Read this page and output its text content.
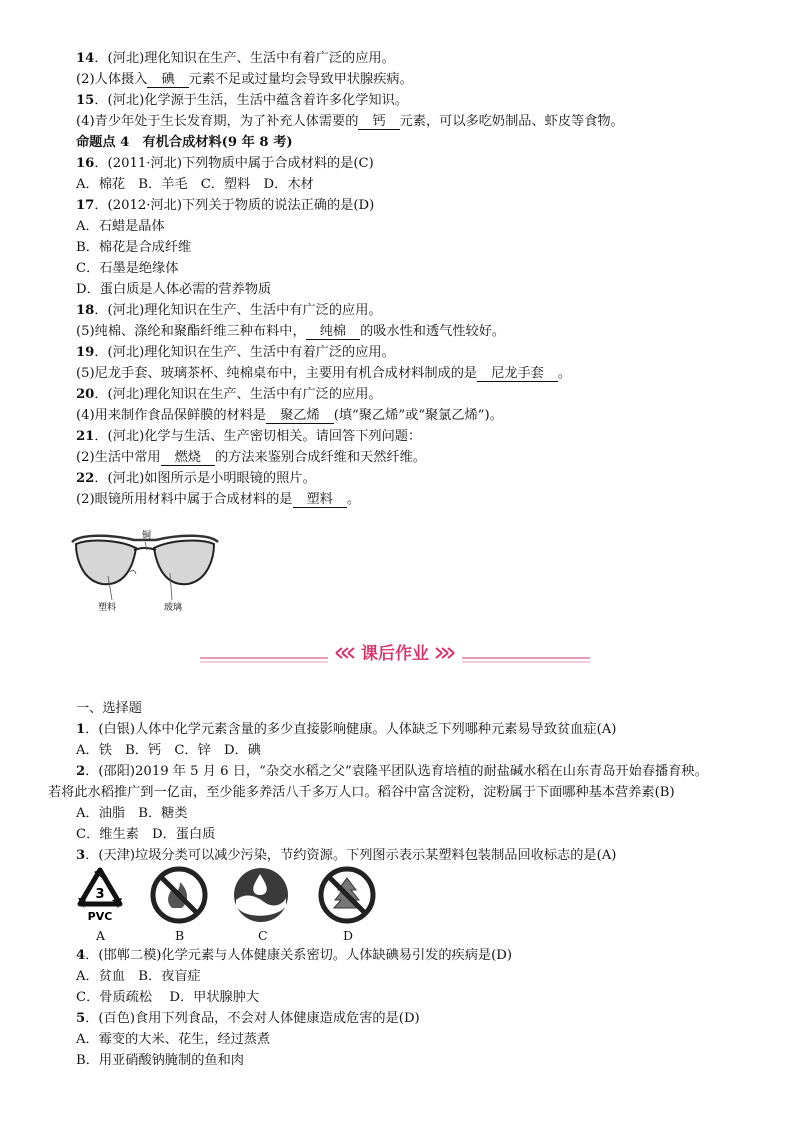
14．(河北)理化知识在生产、生活中有着广泛的应用。
(2)人体摄入 碘 元素不足或过量均会导致甲状腺疾病。
15．(河北)化学源于生活，生活中蕴含着许多化学知识。
(4)青少年处于生长发育期，为了补充人体需要的 钙 元素，可以多吃奶制品、虾皮等食物。
命题点 4　有机合成材料(9 年 8 考)
16．(2011·河北)下列物质中属于合成材料的是(C)
A．棉花　B．羊毛　C．塑料　D．木材
17．(2012·河北)下列关于物质的说法正确的是(D)
A．石蜡是晶体
B．棉花是合成纤维
C．石墨是绝缘体
D．蛋白质是人体必需的营养物质
18．(河北)理化知识在生产、生活中有广泛的应用。
(5)纯棉、涤纶和聚酯纤维三种布料中， 纯棉 的吸水性和透气性较好。
19．(河北)理化知识在生产、生活中有着广泛的应用。
(5)尼龙手套、玻璃茶杯、纯棉桌布中，主要用有机合成材料制成的是 尼龙手套 。
20．(河北)理化知识在生产、生活中有广泛的应用。
(4)用来制作食品保鲜膜的材料是 聚乙烯 (填“聚乙烯”或“聚氯乙烯”)。
21．(河北)化学与生活、生产密切相关。请回答下列问题：
(2)生活中常用 燃烧 的方法来鉴别合成纤维和天然纤维。
22．(河北)如图所示是小明眼镜的照片。
(2)眼镜所用材料中属于合成材料的是 塑料 。
铜
塑料	玻璃
课后作业
一、选择题
1．(白银)人体中化学元素含量的多少直接影响健康。人体缺乏下列哪种元素易导致贫血症(A)
A．铁　B．钙　C．锌　D．碘
2．(邵阳)2019 年 5 月 6 日，“杂交水稻之父”袁隆平团队选育培植的耐盐碱水稻在山东青岛开始春播育秧。
若将此水稻推广到一亿亩，至少能多养活八千多万人口。稻谷中富含淀粉，淀粉属于下面哪种基本营养素(B)
A．油脂　B．糖类
C．维生素　D．蛋白质
3．(天津)垃圾分类可以减少污染，节约资源。下列图示表示某塑料包装制品回收标志的是(A)
3
PVC
A	B	C	D
4．(邯郸二模)化学元素与人体健康关系密切。人体缺碘易引发的疾病是(D)
A．贫血　B．夜盲症
C．骨质疏松　 D．甲状腺肿大
5．(百色)食用下列食品，不会对人体健康造成危害的是(D)
A．霉变的大米、花生，经过蒸煮
B．用亚硝酸钠腌制的鱼和肉
